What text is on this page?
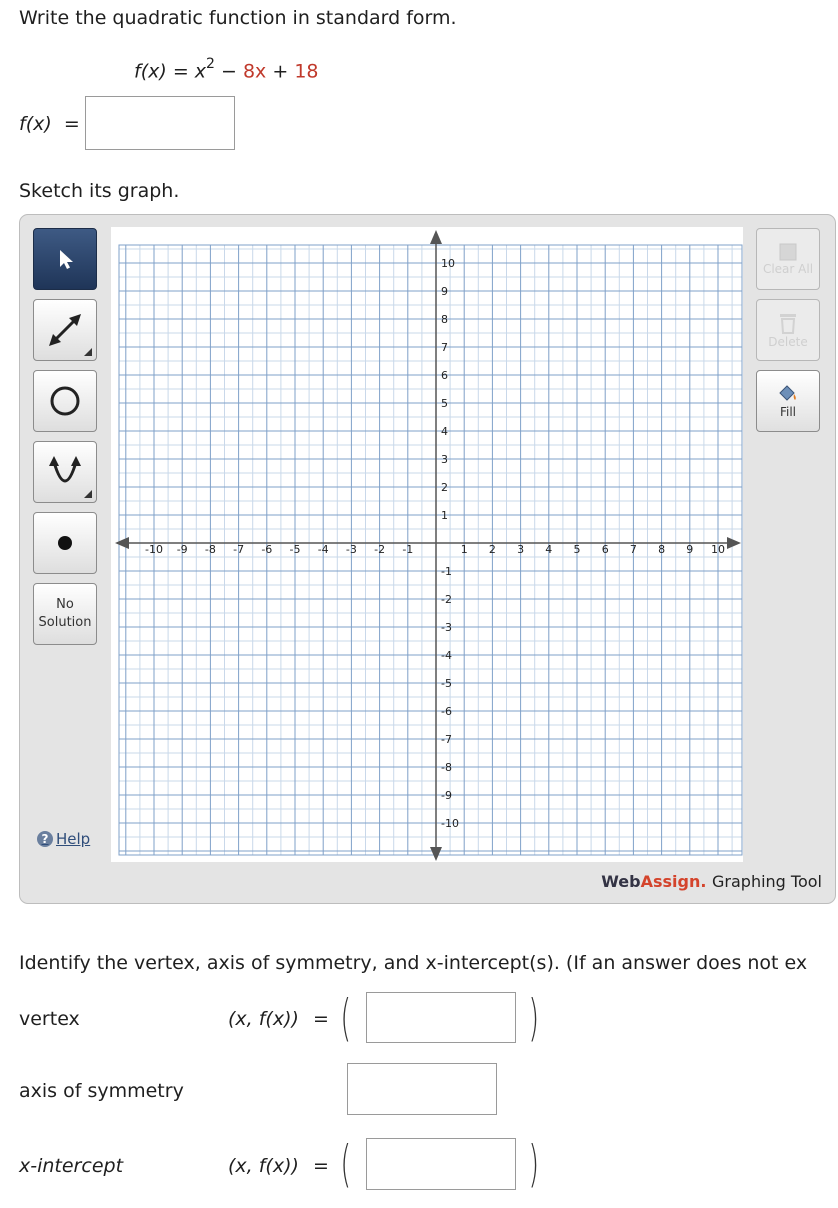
Write the quadratic function in standard form.
$f(x) = x^2 - 8x + 18$
f(x) =
Sketch its graph.
No
Solution
? Help
Clear All
Delete
Fill
WebAssign. Graphing Tool
-10 -9 -8 -7 -6 -5 -4 -3 -2 -1	1 2 3 4 5 6 7 8 9 10
-10
-9
-8
-7
-6
-5
-4
-3
-2
-1
1
2
3
4
5
6
7
8
9
10
Identify the vertex, axis of symmetry, and x-intercept(s). (If an answer does not ex
vertex	(x, f(x)) = (	)
axis of symmetry
x-intercept	(x, f(x)) = (	)
